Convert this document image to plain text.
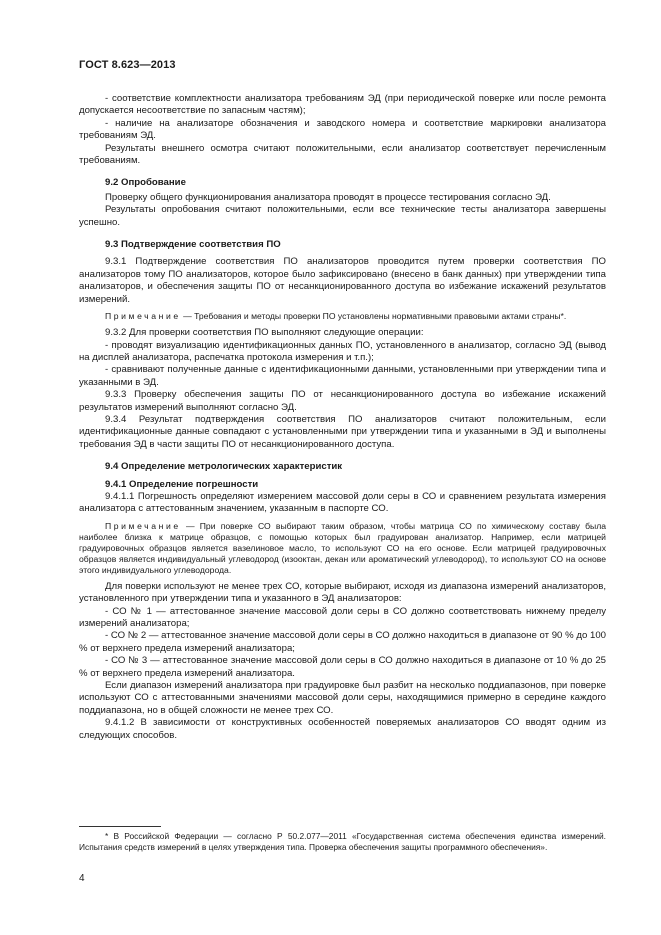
ГОСТ 8.623—2013

- соответствие комплектности анализатора требованиям ЭД (при периодической поверке или после ремонта допускается несоответствие по запасным частям);

- наличие на анализаторе обозначения и заводского номера и соответствие маркировки анализатора требованиям ЭД.

Результаты внешнего осмотра считают положительными, если анализатор соответствует перечисленным требованиям.

9.2 Опробование

Проверку общего функционирования анализатора проводят в процессе тестирования согласно ЭД.

Результаты опробования считают положительными, если все технические тесты анализатора завершены успешно.

9.3 Подтверждение соответствия ПО

9.3.1 Подтверждение соответствия ПО анализаторов проводится путем проверки соответствия ПО анализаторов тому ПО анализаторов, которое было зафиксировано (внесено в банк данных) при утверждении типа анализаторов, и обеспечения защиты ПО от несанкционированного доступа во избежание искажений результатов измерений.

Примечание — Требования и методы проверки ПО установлены нормативными правовыми актами страны*.

9.3.2 Для проверки соответствия ПО выполняют следующие операции:

- проводят визуализацию идентификационных данных ПО, установленного в анализатор, согласно ЭД (вывод на дисплей анализатора, распечатка протокола измерения и т.п.);

- сравнивают полученные данные с идентификационными данными, установленными при утверждении типа и указанными в ЭД.

9.3.3 Проверку обеспечения защиты ПО от несанкционированного доступа во избежание искажений результатов измерений выполняют согласно ЭД.

9.3.4 Результат подтверждения соответствия ПО анализаторов считают положительным, если идентификационные данные совпадают с установленными при утверждении типа и указанными в ЭД и выполнены требования ЭД в части защиты ПО от несанкционированного доступа.

9.4 Определение метрологических характеристик

9.4.1 Определение погрешности

9.4.1.1 Погрешность определяют измерением массовой доли серы в СО и сравнением результата измерения анализатора с аттестованным значением, указанным в паспорте СО.

Примечание — При поверке СО выбирают таким образом, чтобы матрица СО по химическому составу была наиболее близка к матрице образцов, с помощью которых был градуирован анализатор. Например, если матрицей градуировочных образцов является вазелиновое масло, то используют СО на его основе. Если матрицей градуировочных образцов является индивидуальный углеводород (изооктан, декан или ароматический углеводород), то используют СО на основе этого индивидуального углеводорода.

Для поверки используют не менее трех СО, которые выбирают, исходя из диапазона измерений анализаторов, установленного при утверждении типа и указанного в ЭД анализаторов:

- СО № 1 — аттестованное значение массовой доли серы в СО должно соответствовать нижнему пределу измерений анализатора;

- СО № 2 — аттестованное значение массовой доли серы в СО должно находиться в диапазоне от 90 % до 100 % от верхнего предела измерений анализатора;

- СО № 3 — аттестованное значение массовой доли серы в СО должно находиться в диапазоне от 10 % до 25 % от верхнего предела измерений анализатора.

Если диапазон измерений анализатора при градуировке был разбит на несколько поддиапазонов, при поверке используют СО с аттестованными значениями массовой доли серы, находящимися примерно в середине каждого поддиапазона, но в общей сложности не менее трех СО.

9.4.1.2 В зависимости от конструктивных особенностей поверяемых анализаторов СО вводят одним из следующих способов.

* В Российской Федерации — согласно Р 50.2.077—2011 «Государственная система обеспечения единства измерений. Испытания средств измерений в целях утверждения типа. Проверка обеспечения защиты программного обеспечения».

4
